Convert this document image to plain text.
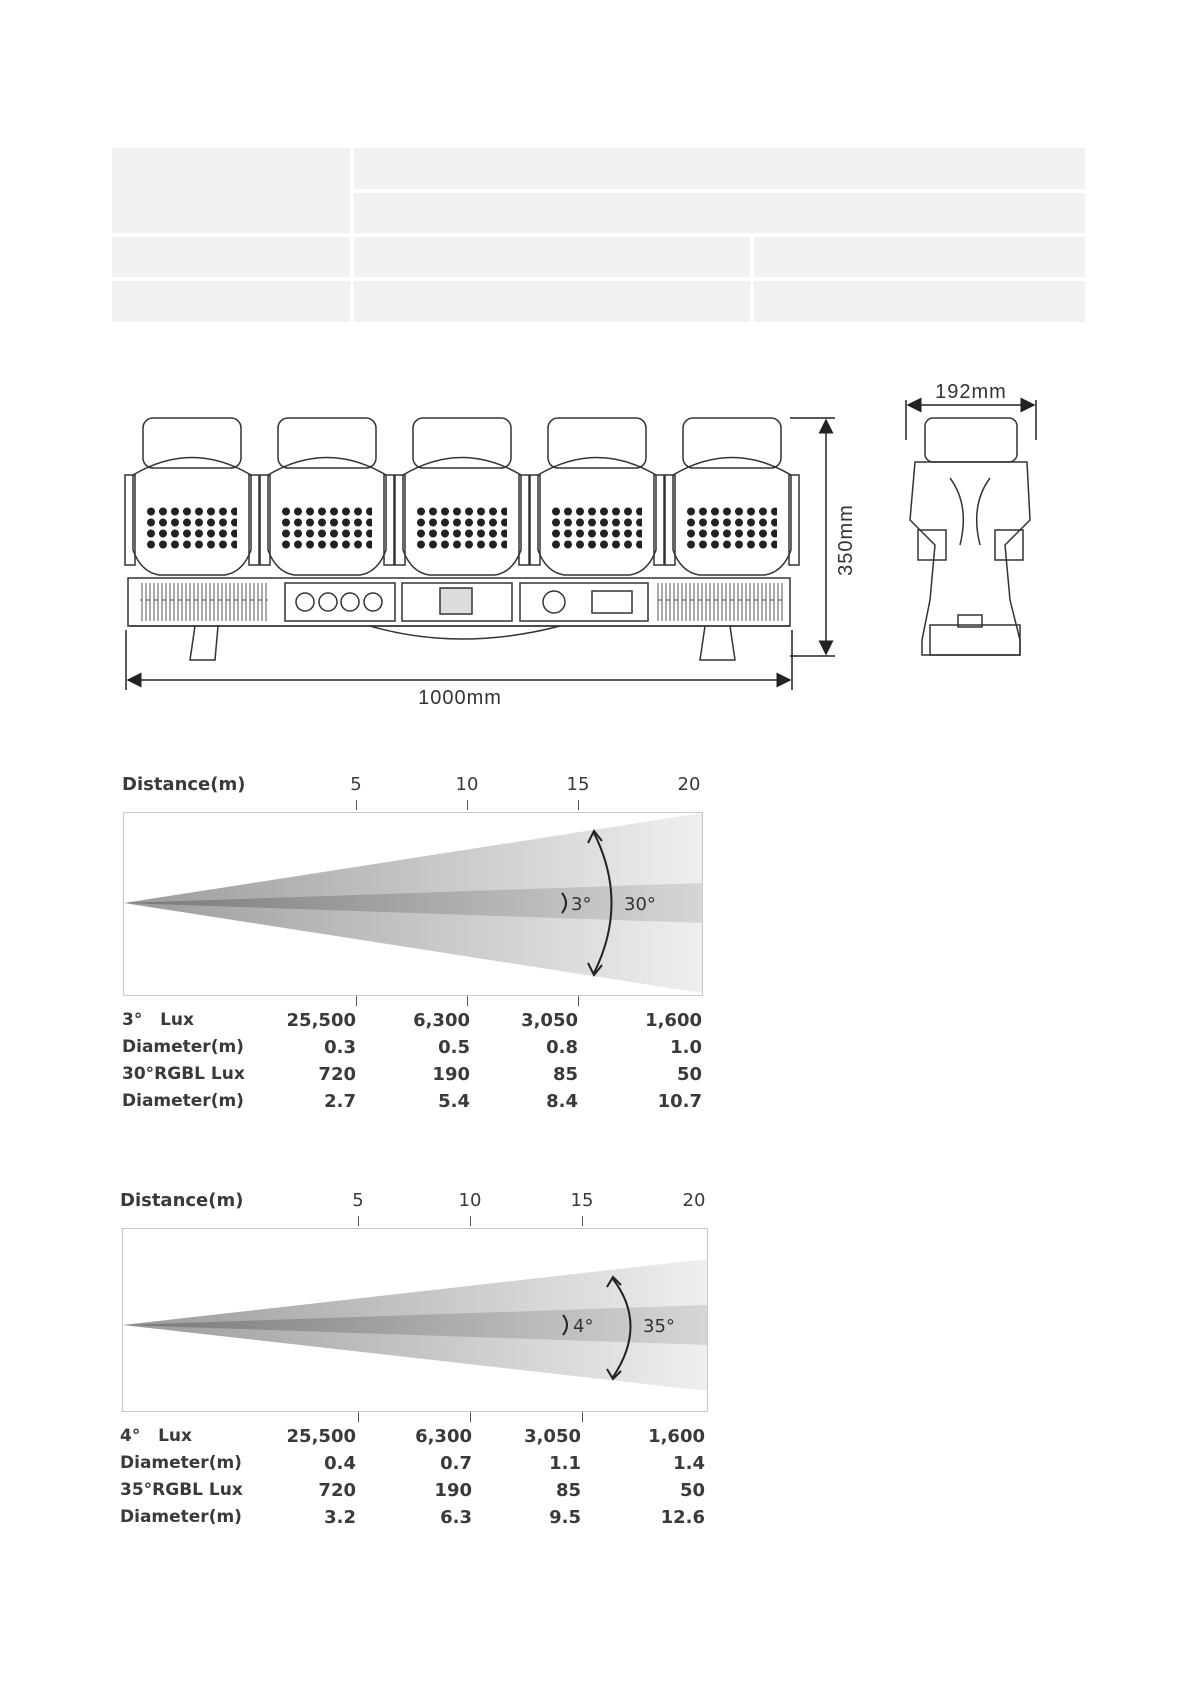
1000mm
350mm
192mm
Distance(m)	5	10	15	20
3° 30°
3°   Lux	25,500	6,300	3,050	1,600
Diameter(m)	0.3	0.5	0.8	1.0
30°RGBL Lux	720	190	85	50
Diameter(m)	2.7	5.4	8.4	10.7
Distance(m)	5	10	15	20
4°	35°
4°   Lux	25,500	6,300	3,050	1,600
Diameter(m)	0.4	0.7	1.1	1.4
35°RGBL Lux	720	190	85	50
Diameter(m)	3.2	6.3	9.5	12.6
